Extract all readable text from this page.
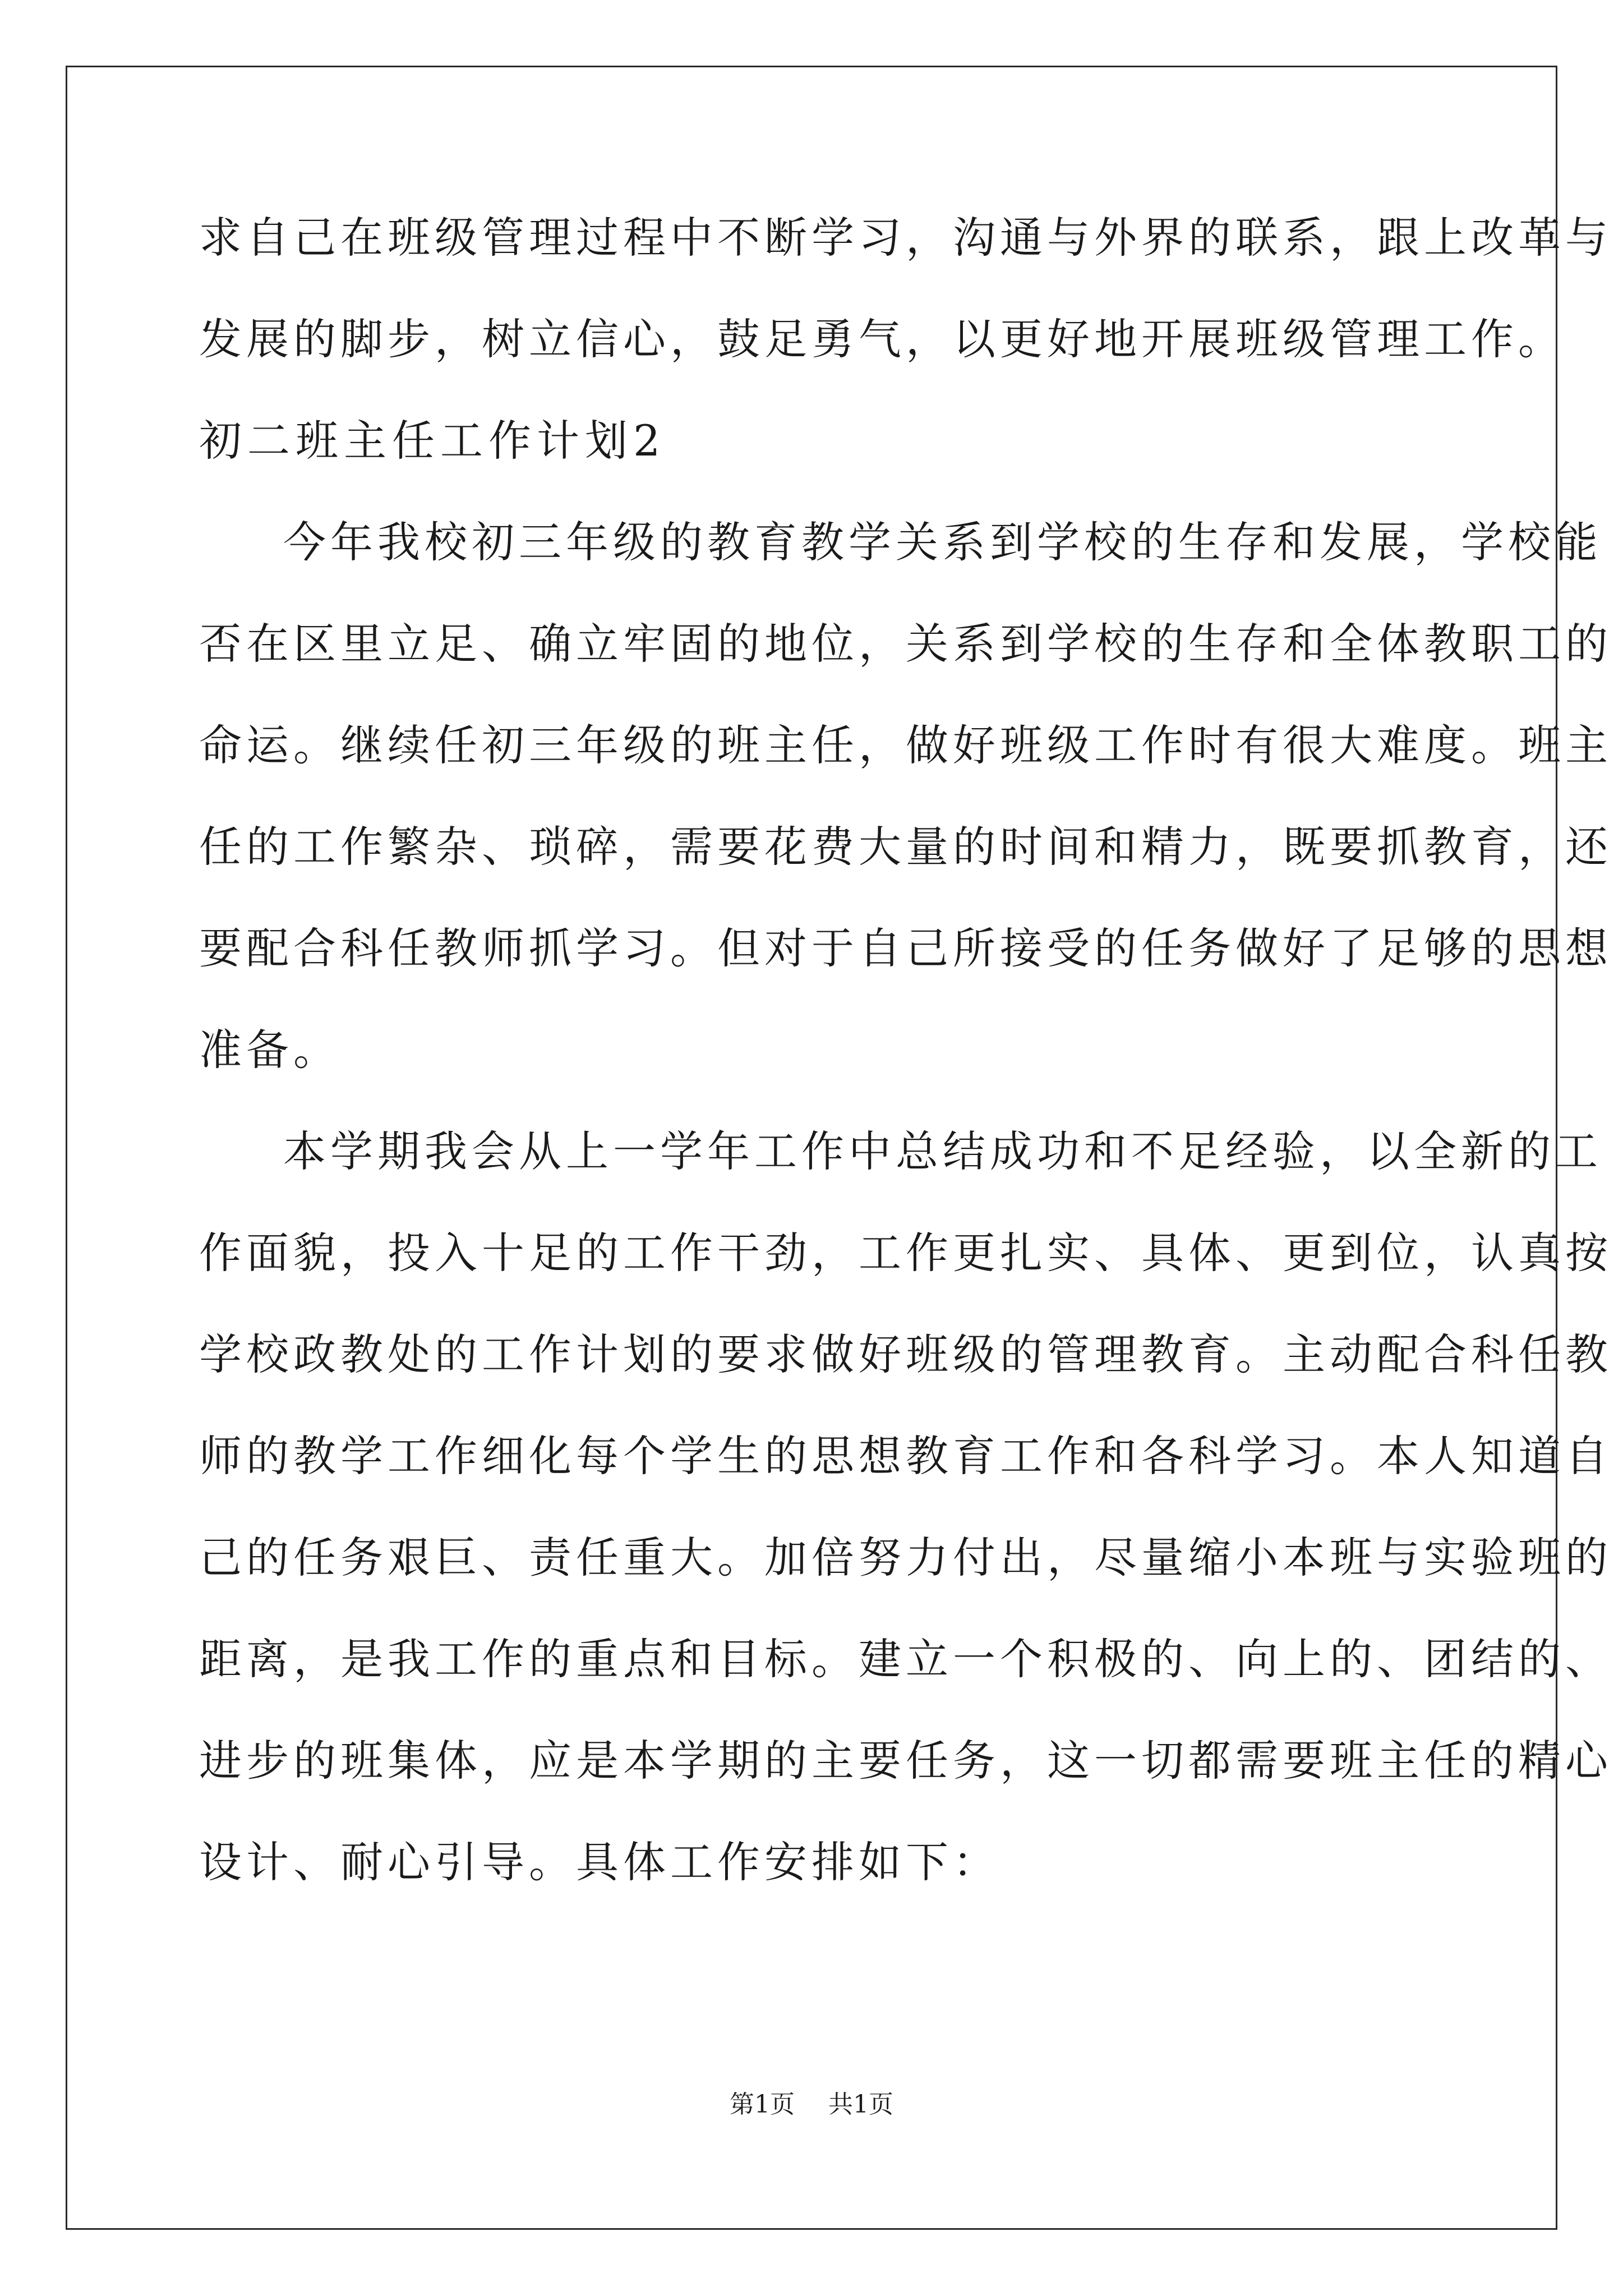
求自己在班级管理过程中不断学习，沟通与外界的联系，跟上改革与
发展的脚步，树立信心，鼓足勇气，以更好地开展班级管理工作。
初二班主任工作计划2
今年我校初三年级的教育教学关系到学校的生存和发展，学校能
否在区里立足、确立牢固的地位，关系到学校的生存和全体教职工的
命运。继续任初三年级的班主任，做好班级工作时有很大难度。班主
任的工作繁杂、琐碎，需要花费大量的时间和精力，既要抓教育，还
要配合科任教师抓学习。但对于自己所接受的任务做好了足够的思想
准备。
本学期我会从上一学年工作中总结成功和不足经验，以全新的工
作面貌，投入十足的工作干劲，工作更扎实、具体、更到位，认真按
学校政教处的工作计划的要求做好班级的管理教育。主动配合科任教
师的教学工作细化每个学生的思想教育工作和各科学习。本人知道自
己的任务艰巨、责任重大。加倍努力付出，尽量缩小本班与实验班的
距离，是我工作的重点和目标。建立一个积极的、向上的、团结的、
进步的班集体，应是本学期的主要任务，这一切都需要班主任的精心
设计、耐心引导。具体工作安排如下：
第1页 共1页
